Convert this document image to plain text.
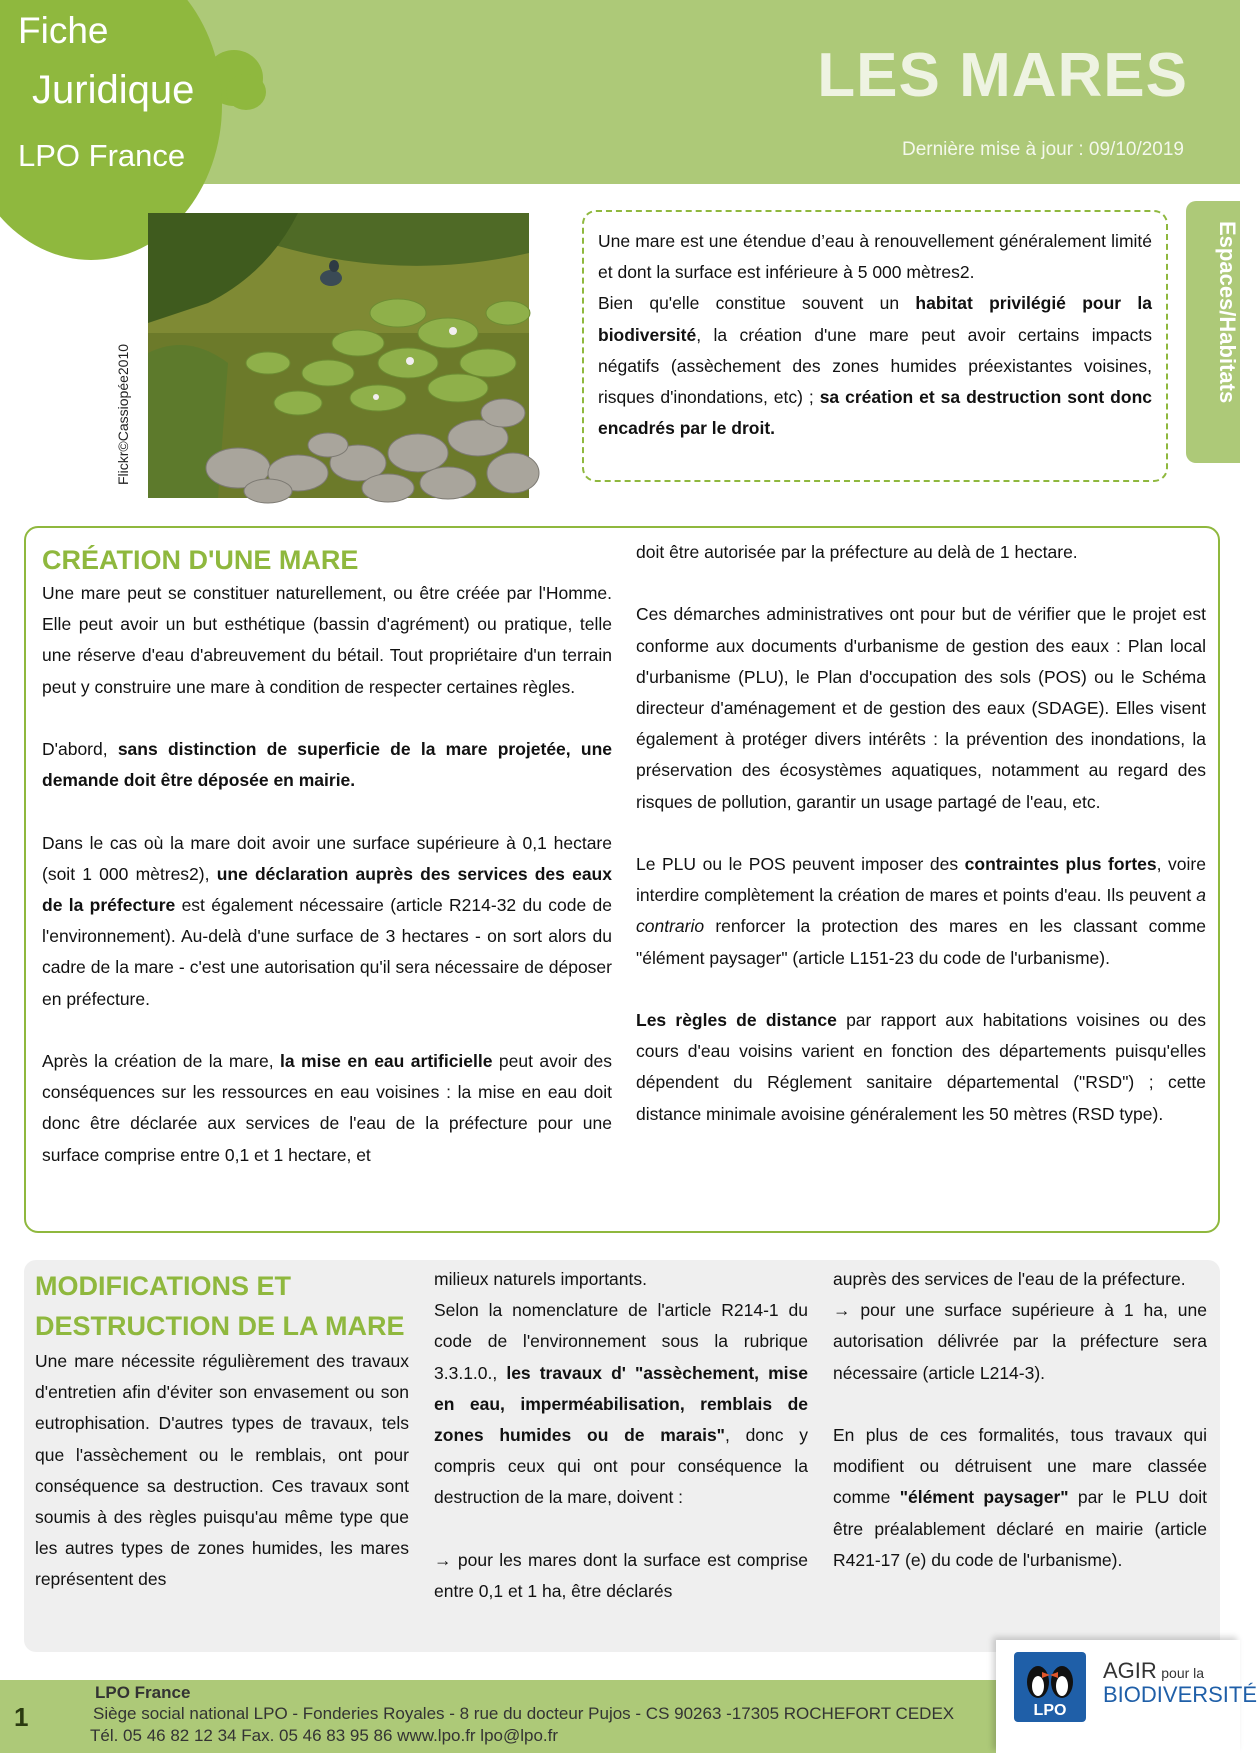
Fiche
Juridique
LPO France
LES MARES
Dernière mise à jour : 09/10/2019
Flickr©Cassiopée2010

Une mare est une étendue d’eau à renouvellement généralement limité et dont la surface est inférieure à 5 000 mètres2.

Bien qu'elle constitue souvent un habitat privilégié pour la biodiversité, la création d'une mare peut avoir certains impacts négatifs (assèchement des zones humides préexistantes voisines, risques d'inondations, etc) ; sa création et sa destruction sont donc encadrés par le droit.

Espaces/Habitats
CRÉATION D'UNE MARE

Une mare peut se constituer naturellement, ou être créée par l'Homme. Elle peut avoir un but esthétique (bassin d'agrément) ou pratique, telle une réserve d'eau d'abreuvement du bétail. Tout propriétaire d'un terrain peut y construire une mare à condition de respecter certaines règles.

D'abord, sans distinction de superficie de la mare projetée, une demande doit être déposée en mairie.

Dans le cas où la mare doit avoir une surface supérieure à 0,1 hectare (soit 1 000 mètres2), une déclaration auprès des services des eaux de la préfecture est également nécessaire (article R214-32 du code de l'environnement). Au-delà d'une surface de 3 hectares - on sort alors du cadre de la mare - c'est une autorisation qu'il sera nécessaire de déposer en préfecture.

Après la création de la mare, la mise en eau artificielle peut avoir des conséquences sur les ressources en eau voisines : la mise en eau doit donc être déclarée aux services de l'eau de la préfecture pour une surface comprise entre 0,1 et 1 hectare, et

doit être autorisée par la préfecture au delà de 1 hectare.

Ces démarches administratives ont pour but de vérifier que le projet est conforme aux documents d'urbanisme de gestion des eaux : Plan local d'urbanisme (PLU), le Plan d'occupation des sols (POS) ou le Schéma directeur d'aménagement et de gestion des eaux (SDAGE). Elles visent également à protéger divers intérêts : la prévention des inondations, la préservation des écosystèmes aquatiques, notamment au regard des risques de pollution, garantir un usage partagé de l'eau, etc.

Le PLU ou le POS peuvent imposer des contraintes plus fortes, voire interdire complètement la création de mares et points d'eau. Ils peuvent a contrario renforcer la protection des mares en les classant comme "élément paysager" (article L151-23 du code de l'urbanisme).

Les règles de distance par rapport aux habitations voisines ou des cours d'eau voisins varient en fonction des départements puisqu'elles dépendent du Réglement sanitaire départemental ("RSD") ; cette distance minimale avoisine généralement les 50 mètres (RSD type).

MODIFICATIONS ET
DESTRUCTION DE LA MARE

Une mare nécessite régulièrement des travaux d'entretien afin d'éviter son envasement ou son eutrophisation. D'autres types de travaux, tels que l'assèchement ou le remblais, ont pour conséquence sa destruction. Ces travaux sont soumis à des règles puisqu'au même type que les autres types de zones humides, les mares représentent des

milieux naturels importants.

Selon la nomenclature de l'article R214-1 du code de l'environnement sous la rubrique 3.3.1.0., les travaux d' "assèchement, mise en eau, imperméabilisation, remblais de zones humides ou de marais", donc y compris ceux qui ont pour conséquence la destruction de la mare, doivent :

→ pour les mares dont la surface est comprise entre 0,1 et 1 ha, être déclarés

auprès des services de l'eau de la préfecture.

→ pour une surface supérieure à 1 ha, une autorisation délivrée par la préfecture sera nécessaire (article L214-3).

En plus de ces formalités, tous travaux qui modifient ou détruisent une mare classée comme "élément paysager" par le PLU doit être préalablement déclaré en mairie (article R421-17 (e) du code de l'urbanisme).

1
LPO France
Siège social national LPO - Fonderies Royales - 8 rue du docteur Pujos - CS 90263 -17305 ROCHEFORT CEDEX
Tél. 05 46 82 12 34 Fax. 05 46 83 95 86 www.lpo.fr lpo@lpo.fr
LPO
AGIR pour la
BIODIVERSITÉ
